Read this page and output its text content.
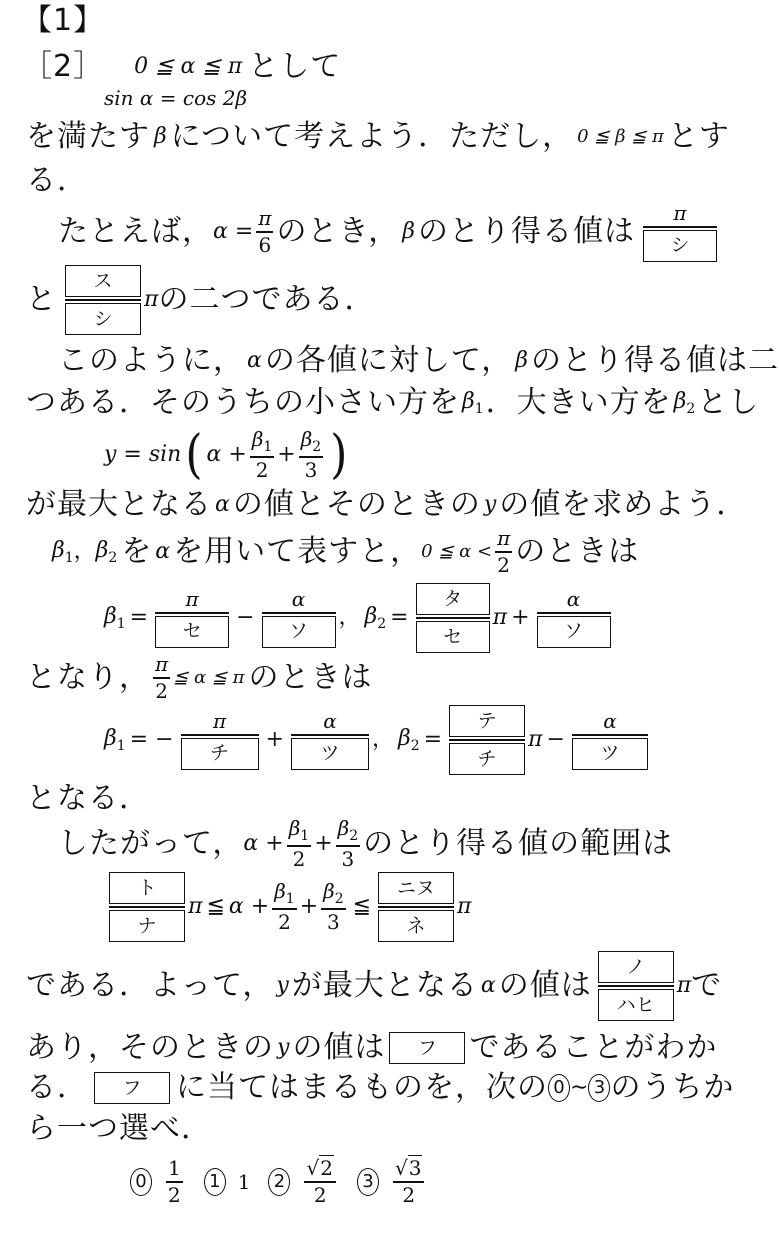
【1】
［2］ 0 ≦ α ≦ π として
sin α = cos 2β
を満たす β について考えよう．ただし， 0 ≦ β ≦ π とす
る．
たとえば， $\alpha = \frac{\pi}{6}$ のとき， β のとり得る値は $\frac{\pi}{\text{シ}}$
と $\frac{\text{ス}}{\text{シ}}$ π の二つである．
このように， α の各値に対して， β のとり得る値は二
つある．そのうちの小さい方を $\beta_1$ ．大きい方を $\beta_2$ とし
y = sin ( $\alpha + \frac{\beta_1}{2} + \frac{\beta_2}{3}$ )
が最大となる α の値とそのときの y の値を求めよう．
$\beta_1$ ， $\beta_2$ を α を用いて表すと， 0 ≦ $\alpha < \frac{\pi}{2}$ のときは
$\beta_1 = \frac{\pi}{\text{セ}} - \frac{\alpha}{\text{ソ}}$ ， $\beta_2 = \frac{\text{タ}}{\text{セ}}$ $\pi + \frac{\alpha}{\text{ソ}}$
となり， $\frac{\pi}{2}$ ≦ α ≦ π のときは
$\beta_1$ = − $\frac{\pi}{\text{チ}} + \frac{\alpha}{\text{ツ}}$ ， $\beta_2 = \frac{\text{テ}}{\text{チ}}$ $\pi - \frac{\alpha}{\text{ツ}}$
となる．
したがって， $\alpha + \frac{\beta_1}{2} + \frac{\beta_2}{3}$ のとり得る値の範囲は
$\frac{\text{ト}}{\text{ナ}}$ π ≦ $\alpha + \frac{\beta_1}{2} + \frac{\beta_2}{3}$ ≦ $\frac{\text{ニヌ}}{\text{ネ}}$ π
である．よって， y が最大となる α の値は $\frac{\text{ノ}}{\text{ハヒ}}$ π で
あり，そのときの y の値は	フ	であることがわか
る．	フ	に当てはまるものを，次の 0 ∼ 3 のうちか
ら一つ選べ．
$0 \frac{1}{2} 1$ 1 $2 \frac{√2}{2} 3 \frac{√3}{2}$
